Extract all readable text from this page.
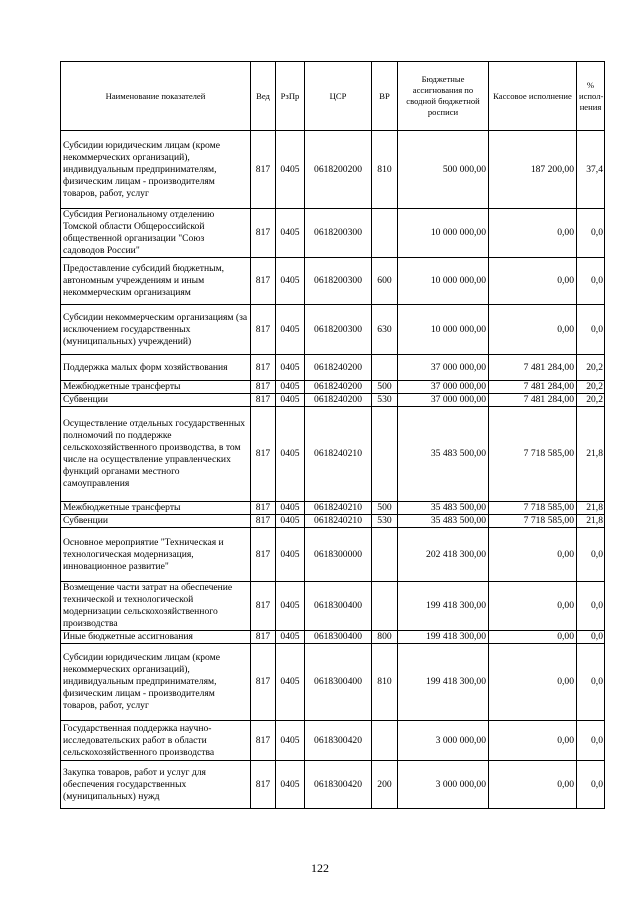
Наименование показателей	Вед	РзПр	ЦСР	ВР	Бюджетные ассигнования по сводной бюджетной росписи	Кассовое исполнение	% испол-нения
Субсидии юридическим лицам (кроме некоммерческих организаций), индивидуальным предпринимателям, физическим лицам - производителям товаров, работ, услуг	817	0405	0618200200	810	500 000,00	187 200,00	37,4
Субсидия Региональному отделению Томской области Общероссийской общественной организации "Союз садоводов России"	817	0405	0618200300		10 000 000,00	0,00	0,0
Предоставление субсидий бюджетным, автономным учреждениям и иным некоммерческим организациям	817	0405	0618200300	600	10 000 000,00	0,00	0,0
Субсидии некоммерческим организациям (за исключением государственных (муниципальных) учреждений)	817	0405	0618200300	630	10 000 000,00	0,00	0,0
Поддержка малых форм хозяйствования	817	0405	0618240200		37 000 000,00	7 481 284,00	20,2
Межбюджетные трансферты	817	0405	0618240200	500	37 000 000,00	7 481 284,00	20,2
Субвенции	817	0405	0618240200	530	37 000 000,00	7 481 284,00	20,2
Осуществление отдельных государственных полномочий по поддержке сельскохозяйственного производства, в том числе на осуществление управленческих функций органами местного самоуправления	817	0405	0618240210		35 483 500,00	7 718 585,00	21,8
Межбюджетные трансферты	817	0405	0618240210	500	35 483 500,00	7 718 585,00	21,8
Субвенции	817	0405	0618240210	530	35 483 500,00	7 718 585,00	21,8
Основное мероприятие "Техническая и технологическая модернизация, инновационное развитие"	817	0405	0618300000		202 418 300,00	0,00	0,0
Возмещение части затрат на обеспечение технической и технологической модернизации сельскохозяйственного производства	817	0405	0618300400		199 418 300,00	0,00	0,0
Иные бюджетные ассигнования	817	0405	0618300400	800	199 418 300,00	0,00	0,0
Субсидии юридическим лицам (кроме некоммерческих организаций), индивидуальным предпринимателям, физическим лицам - производителям товаров, работ, услуг	817	0405	0618300400	810	199 418 300,00	0,00	0,0
Государственная поддержка научно-исследовательских работ в области сельскохозяйственного производства	817	0405	0618300420		3 000 000,00	0,00	0,0
Закупка товаров, работ и услуг для обеспечения государственных (муниципальных) нужд	817	0405	0618300420	200	3 000 000,00	0,00	0,0
122
